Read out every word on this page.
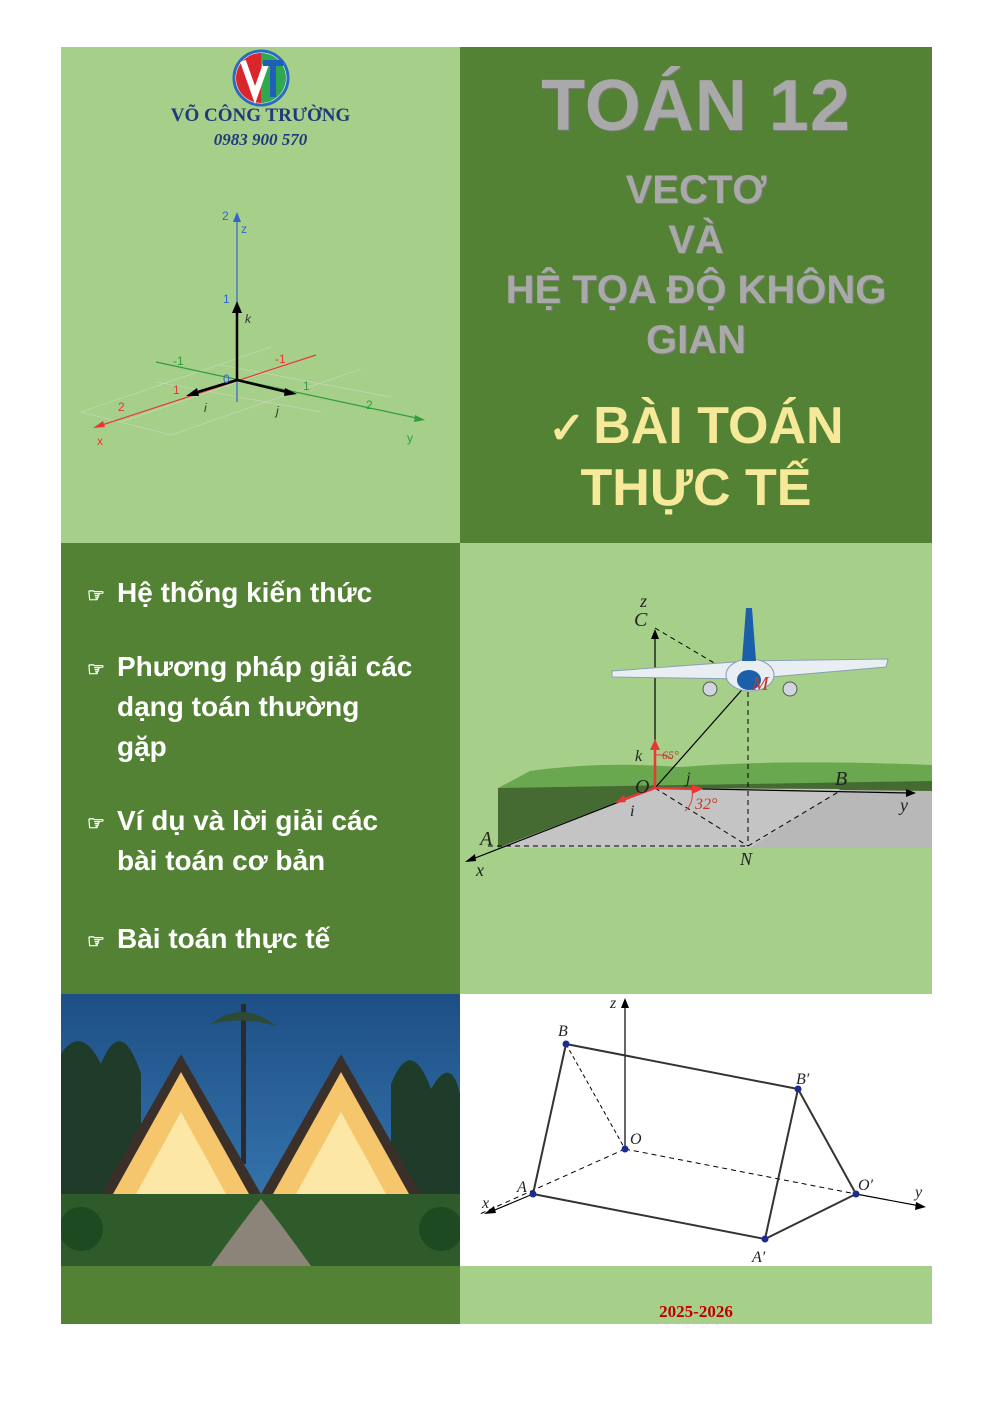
VÕ CÔNG TRƯỜNG
0983 900 570
z
2
1
k
-1	-1
0
1
2
1
2
i	j
x	y
TOÁN 12
VECTƠ
VÀ
HỆ TỌA ĐỘ KHÔNG
GIAN
✓ BÀI TOÁN
THỰC TẾ
☞ Hệ thống kiến thức
☞ Phương pháp giải các
dạng toán thường
gặp
☞ Ví dụ và lời giải các
bài toán cơ bản
☞ Bài toán thực tế
z
C
M
k 65°
O j
i	32°
B
y
A
x
N
z
B
B′
O
A	O′	y
x
A′
2025-2026
